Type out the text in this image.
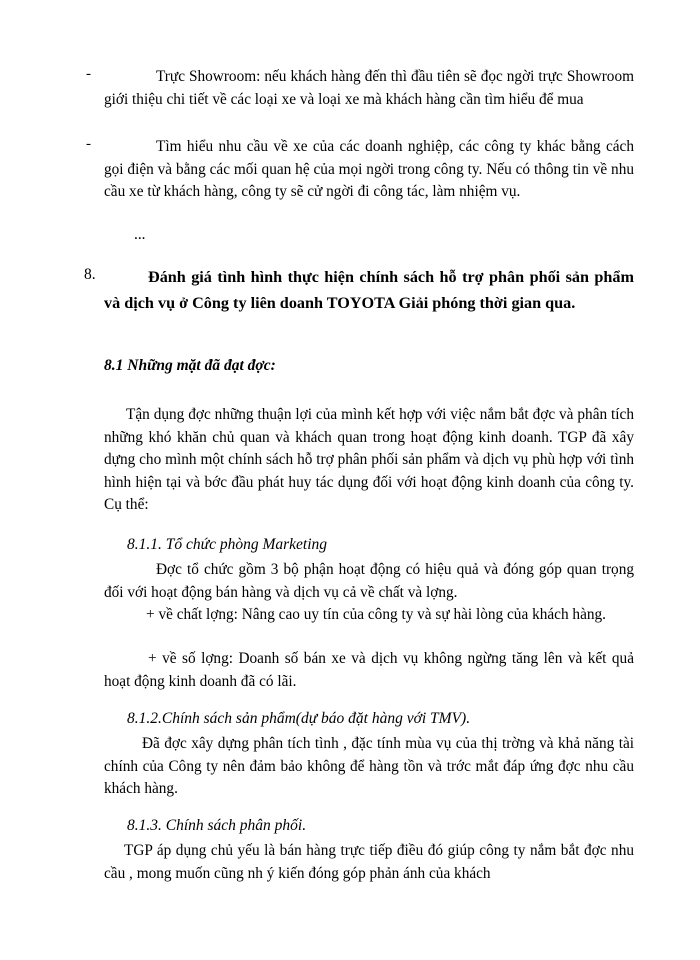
-	Trực Showroom: nếu khách hàng đến thì đầu tiên sẽ đọc ngời trực Showroom giới thiệu chi tiết về các loại xe và loại xe mà khách hàng cần tìm hiểu để mua

-	Tìm hiểu nhu cầu về xe của các doanh nghiệp, các công ty khác bằng cách gọi điện và bằng các mối quan hệ của mọi ngời trong công ty. Nếu có thông tin về nhu cầu xe từ khách hàng, công ty sẽ cử ngời đi công tác, làm nhiệm vụ.

...
8.	Đánh giá tình hình thực hiện chính sách hỗ trợ phân phối sản phẩm và dịch vụ ở Công ty liên doanh TOYOTA Giải phóng thời gian qua.

8.1 Những mặt đã đạt đợc:

Tận dụng đợc những thuận lợi của mình kết hợp với việc nắm bắt đợc và phân tích những khó khăn chủ quan và khách quan trong hoạt động kinh doanh. TGP đã xây dựng cho mình một chính sách hỗ trợ phân phối sản phẩm và dịch vụ phù hợp với tình hình hiện tại và bớc đầu phát huy tác dụng đối với hoạt động kinh doanh của công ty. Cụ thể:

8.1.1. Tổ chức phòng Marketing

Đợc tổ chức gồm 3 bộ phận hoạt động có hiệu quả và đóng góp quan trọng đối với hoạt động bán hàng và dịch vụ cả về chất và lợng.

+ về chất lợng: Nâng cao uy tín của công ty và sự hài lòng của khách hàng.

+ về số lợng: Doanh số bán xe và dịch vụ không ngừng tăng lên và kết quả hoạt động kinh doanh đã có lãi.

8.1.2.Chính sách sản phẩm(dự báo đặt hàng với TMV).

Đã đợc xây dựng phân tích tình , đặc tính mùa vụ của thị trờng và khả năng tài chính của Công ty nên đảm bảo không để hàng tồn và trớc mắt đáp ứng đợc nhu cầu khách hàng.

8.1.3. Chính sách phân phối.

TGP áp dụng chủ yếu là bán hàng trực tiếp điều đó giúp công ty nắm bắt đợc nhu cầu , mong muốn cũng nh ý kiến đóng góp phản ánh của khách
